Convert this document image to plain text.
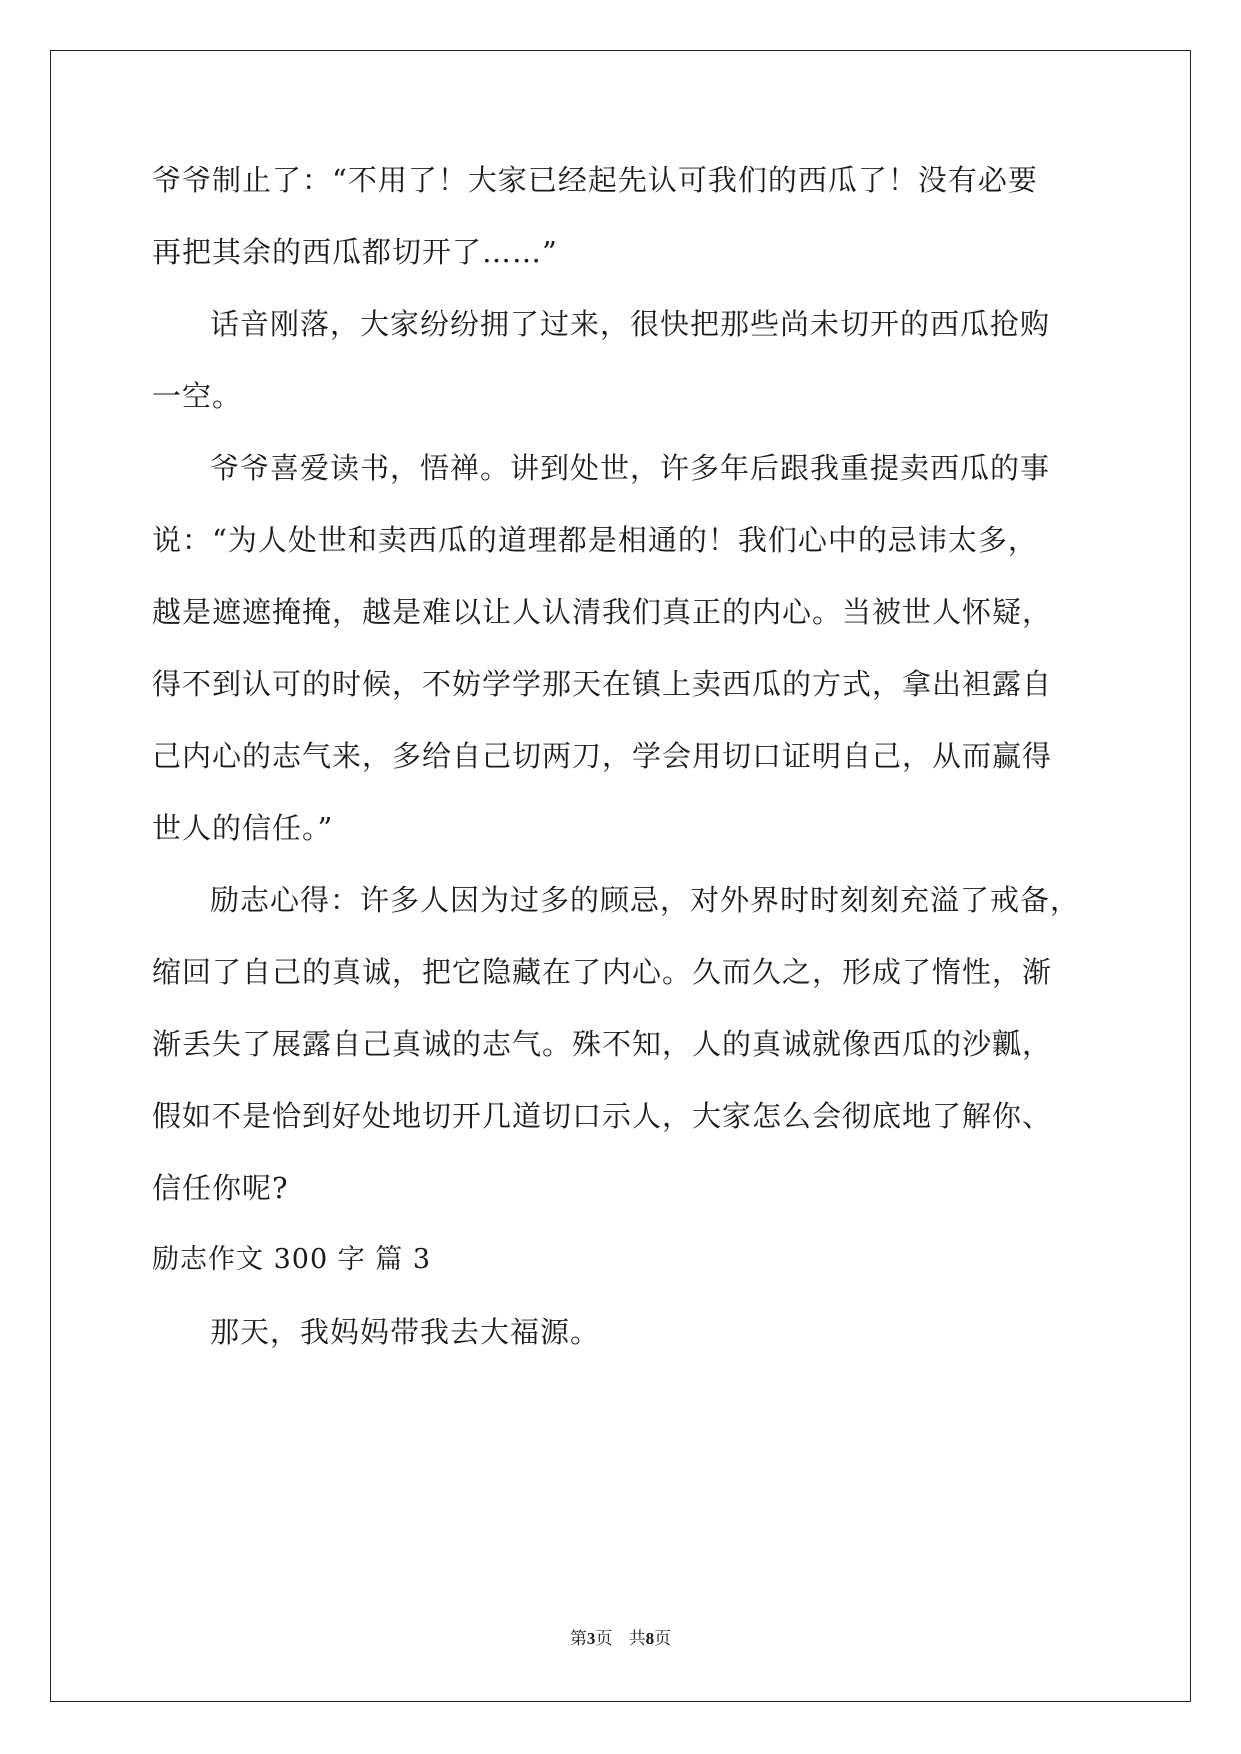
爷爷制止了：“不用了！大家已经起先认可我们的西瓜了！没有必要
再把其余的西瓜都切开了……”
话音刚落，大家纷纷拥了过来，很快把那些尚未切开的西瓜抢购
一空。
爷爷喜爱读书，悟禅。讲到处世，许多年后跟我重提卖西瓜的事
说：“为人处世和卖西瓜的道理都是相通的！我们心中的忌讳太多，
越是遮遮掩掩，越是难以让人认清我们真正的内心。当被世人怀疑，
得不到认可的时候，不妨学学那天在镇上卖西瓜的方式，拿出袒露自
己内心的志气来，多给自己切两刀，学会用切口证明自己，从而赢得
世人的信任。”
励志心得：许多人因为过多的顾忌，对外界时时刻刻充溢了戒备，
缩回了自己的真诚，把它隐藏在了内心。久而久之，形成了惰性，渐
渐丢失了展露自己真诚的志气。殊不知，人的真诚就像西瓜的沙瓤，
假如不是恰到好处地切开几道切口示人，大家怎么会彻底地了解你、
信任你呢?
励志作文 300 字 篇 3
那天，我妈妈带我去大福源。
第3页   共8页
